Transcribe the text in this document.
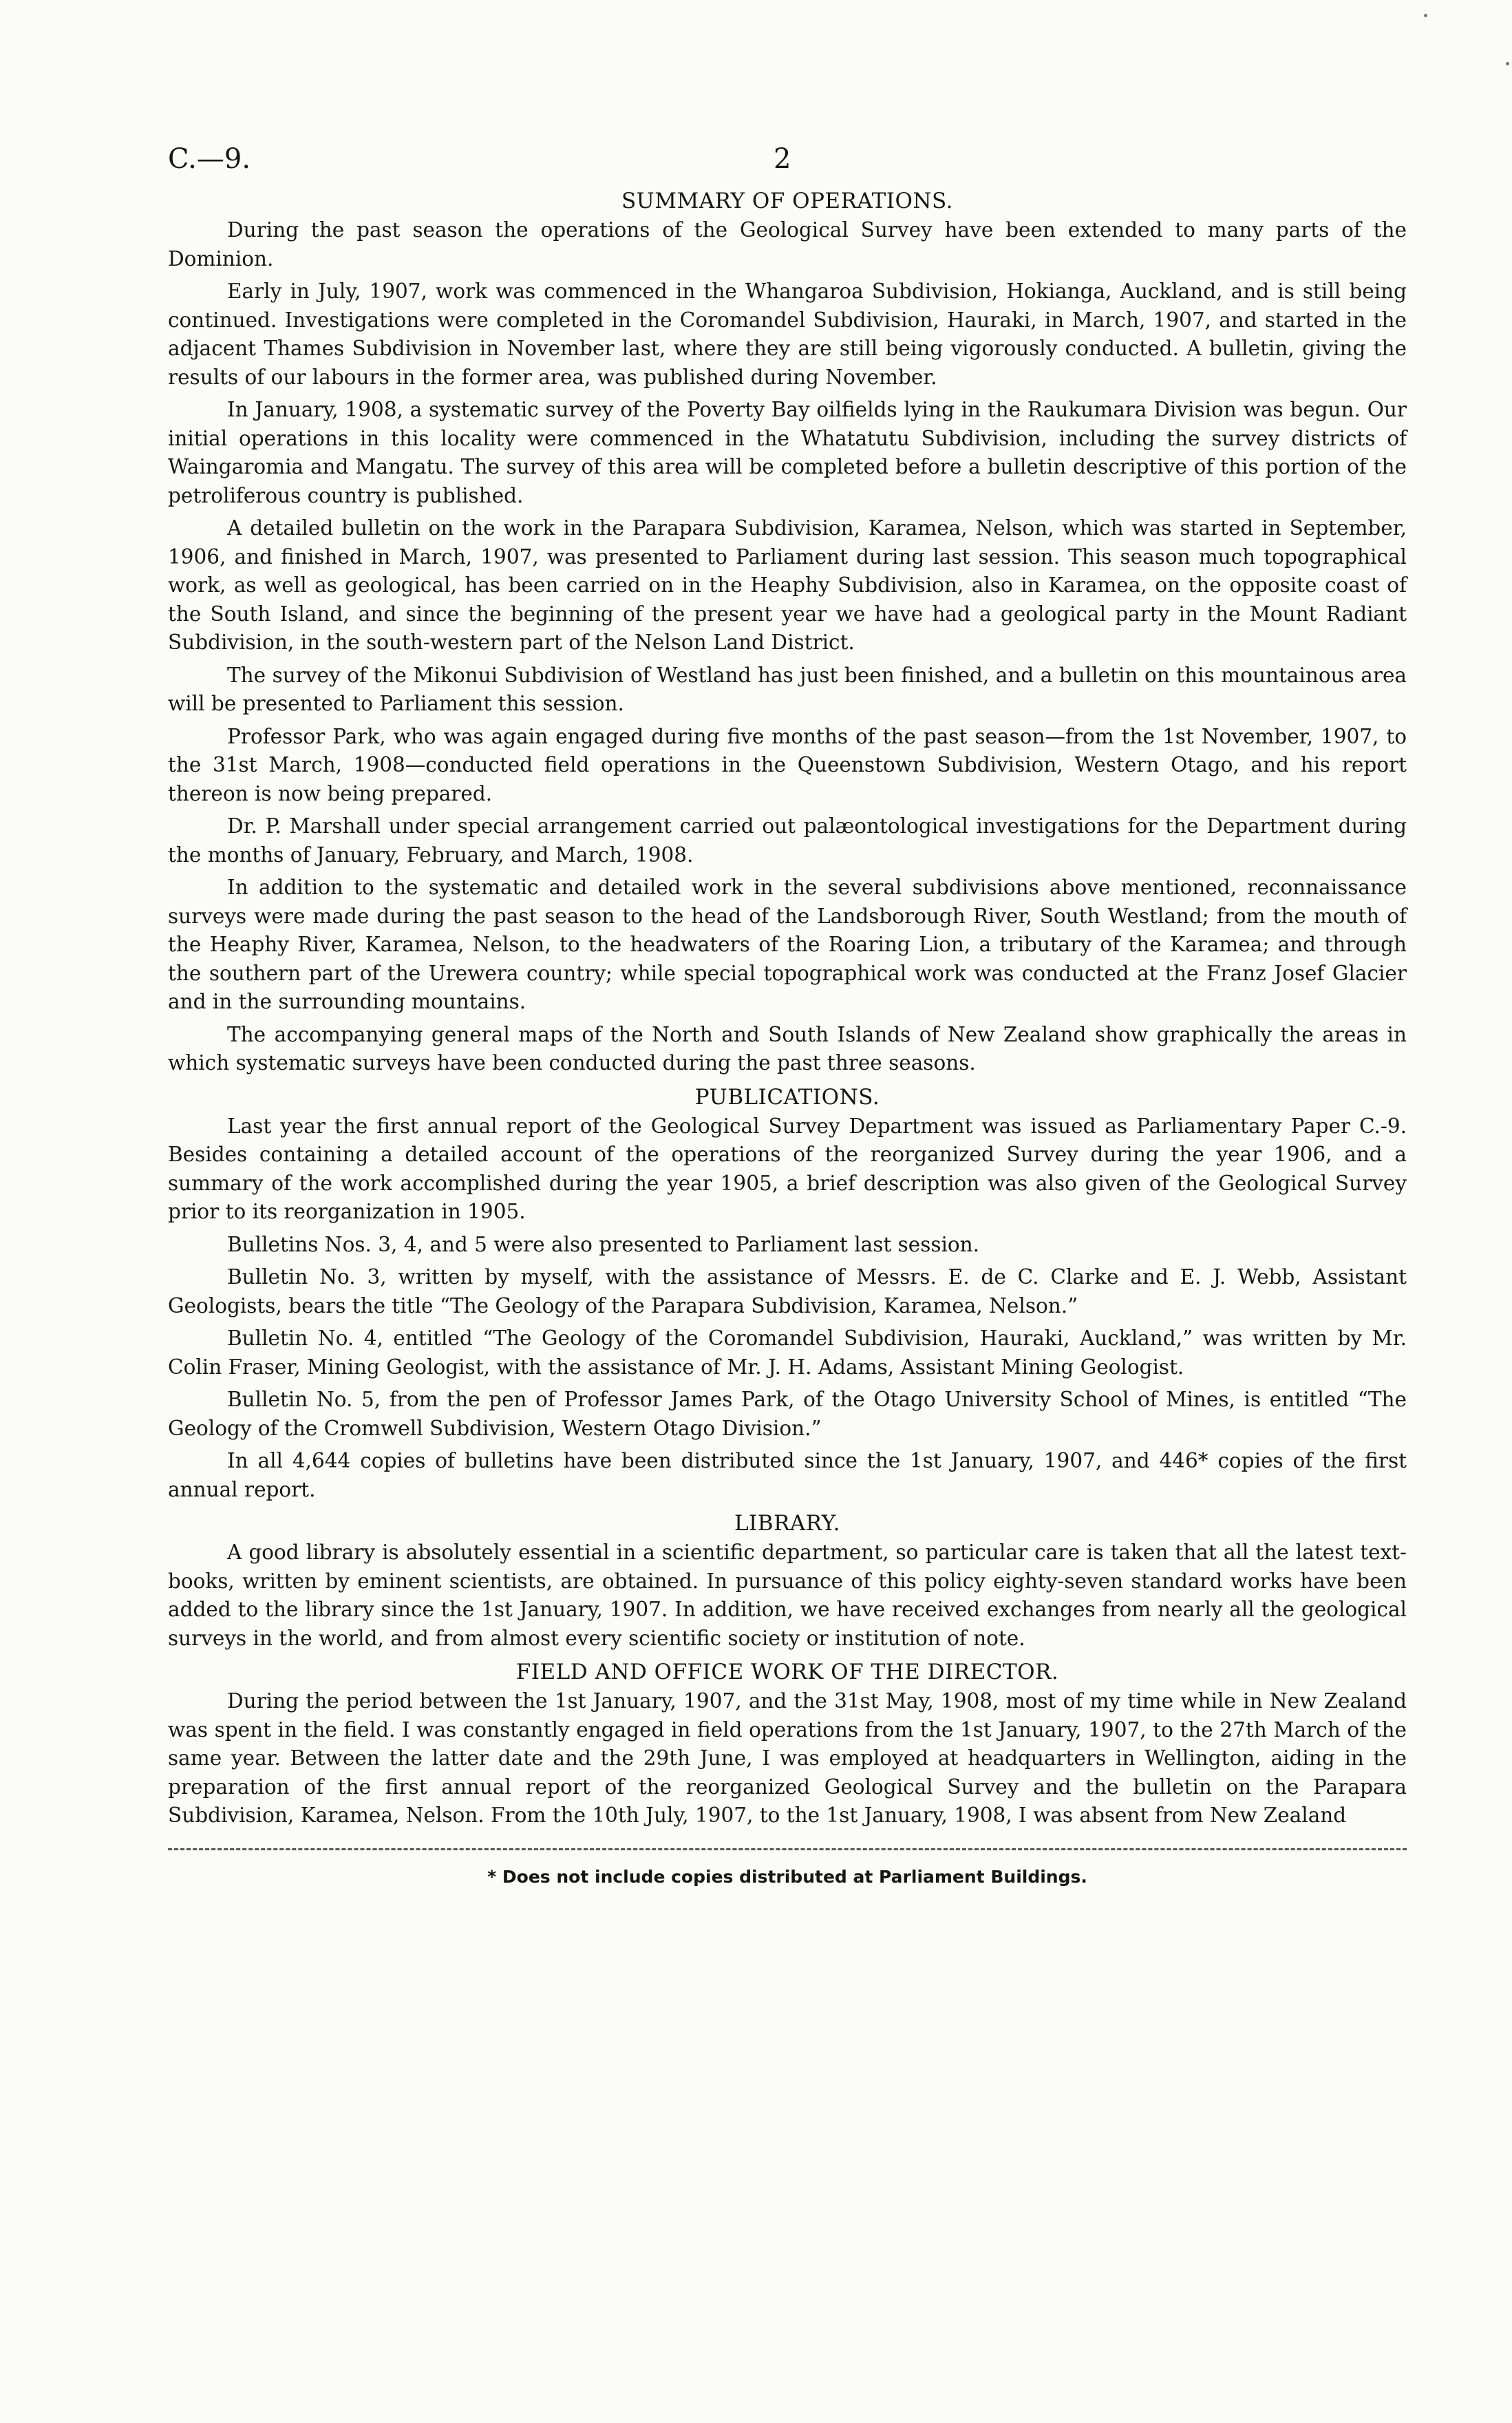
C.—9.	2
SUMMARY OF OPERATIONS.

During the past season the operations of the Geological Survey have been extended to many parts of the Dominion.

Early in July, 1907, work was commenced in the Whangaroa Subdivision, Hokianga, Auckland, and is still being continued. Investigations were completed in the Coromandel Subdivision, Hauraki, in March, 1907, and started in the adjacent Thames Subdivision in November last, where they are still being vigorously conducted. A bulletin, giving the results of our labours in the former area, was published during November.

In January, 1908, a systematic survey of the Poverty Bay oilfields lying in the Raukumara Division was begun. Our initial operations in this locality were commenced in the Whatatutu Subdivision, including the survey districts of Waingaromia and Mangatu. The survey of this area will be completed before a bulletin descriptive of this portion of the petroliferous country is published.

A detailed bulletin on the work in the Parapara Subdivision, Karamea, Nelson, which was started in September, 1906, and finished in March, 1907, was presented to Parliament during last session. This season much topographical work, as well as geological, has been carried on in the Heaphy Subdivision, also in Karamea, on the opposite coast of the South Island, and since the beginning of the present year we have had a geological party in the Mount Radiant Subdivision, in the south-western part of the Nelson Land District.

The survey of the Mikonui Subdivision of Westland has just been finished, and a bulletin on this mountainous area will be presented to Parliament this session.

Professor Park, who was again engaged during five months of the past season—from the 1st November, 1907, to the 31st March, 1908—conducted field operations in the Queenstown Subdivision, Western Otago, and his report thereon is now being prepared.

Dr. P. Marshall under special arrangement carried out palæontological investigations for the Department during the months of January, February, and March, 1908.

In addition to the systematic and detailed work in the several subdivisions above mentioned, reconnaissance surveys were made during the past season to the head of the Landsborough River, South Westland; from the mouth of the Heaphy River, Karamea, Nelson, to the headwaters of the Roaring Lion, a tributary of the Karamea; and through the southern part of the Urewera country; while special topographical work was conducted at the Franz Josef Glacier and in the surrounding mountains.

The accompanying general maps of the North and South Islands of New Zealand show graphically the areas in which systematic surveys have been conducted during the past three seasons.

PUBLICATIONS.

Last year the first annual report of the Geological Survey Department was issued as Parliamentary Paper C.-9. Besides containing a detailed account of the operations of the reorganized Survey during the year 1906, and a summary of the work accomplished during the year 1905, a brief description was also given of the Geological Survey prior to its reorganization in 1905.

Bulletins Nos. 3, 4, and 5 were also presented to Parliament last session.

Bulletin No. 3, written by myself, with the assistance of Messrs. E. de C. Clarke and E. J. Webb, Assistant Geologists, bears the title “The Geology of the Parapara Subdivision, Karamea, Nelson.”

Bulletin No. 4, entitled “The Geology of the Coromandel Subdivision, Hauraki, Auckland,” was written by Mr. Colin Fraser, Mining Geologist, with the assistance of Mr. J. H. Adams, Assistant Mining Geologist.

Bulletin No. 5, from the pen of Professor James Park, of the Otago University School of Mines, is entitled “The Geology of the Cromwell Subdivision, Western Otago Division.”

In all 4,644 copies of bulletins have been distributed since the 1st January, 1907, and 446* copies of the first annual report.

LIBRARY.

A good library is absolutely essential in a scientific department, so particular care is taken that all the latest text-books, written by eminent scientists, are obtained. In pursuance of this policy eighty-seven standard works have been added to the library since the 1st January, 1907. In addition, we have received exchanges from nearly all the geological surveys in the world, and from almost every scientific society or institution of note.

FIELD AND OFFICE WORK OF THE DIRECTOR.

During the period between the 1st January, 1907, and the 31st May, 1908, most of my time while in New Zealand was spent in the field. I was constantly engaged in field operations from the 1st January, 1907, to the 27th March of the same year. Between the latter date and the 29th June, I was employed at headquarters in Wellington, aiding in the preparation of the first annual report of the reorganized Geological Survey and the bulletin on the Parapara Subdivision, Karamea, Nelson. From the 10th July, 1907, to the 1st January, 1908, I was absent from New Zealand

* Does not include copies distributed at Parliament Buildings.
